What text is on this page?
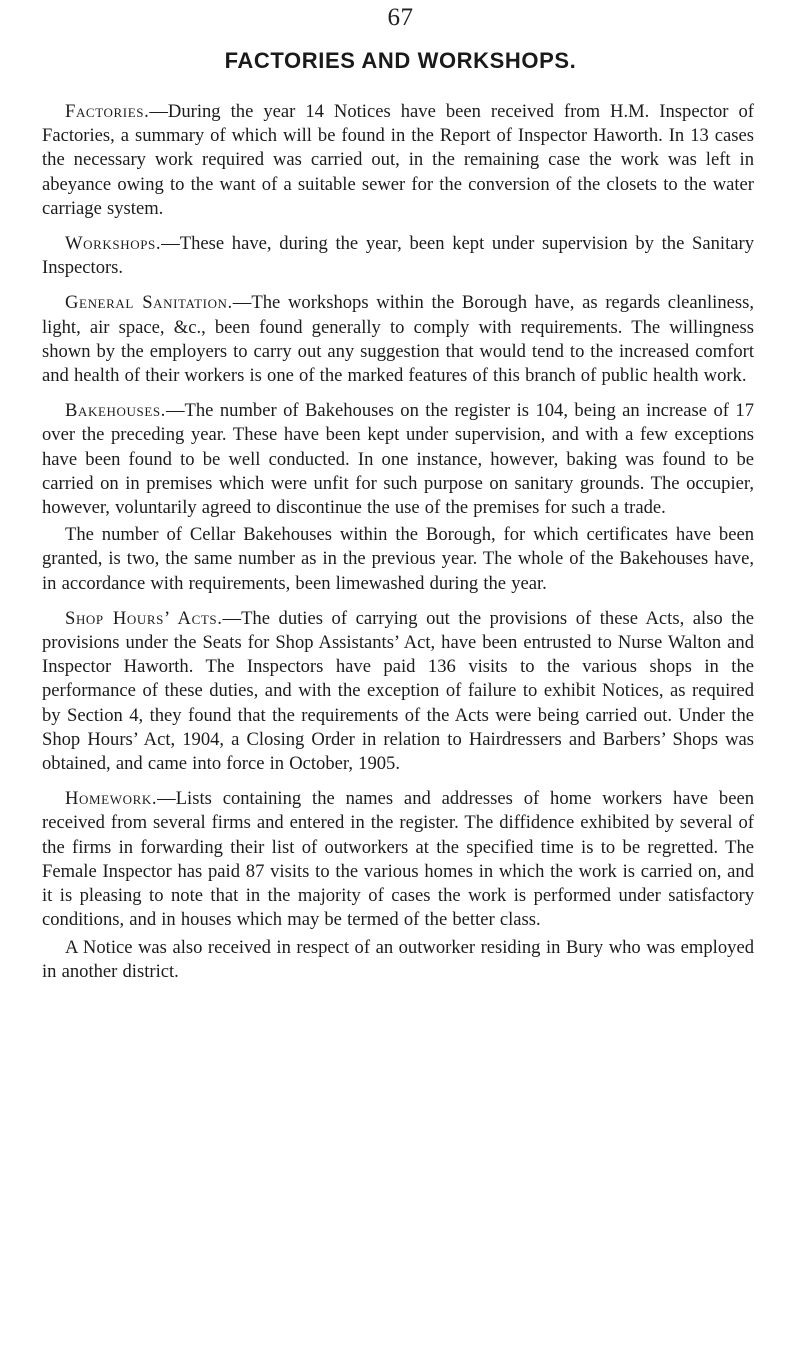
67
FACTORIES AND WORKSHOPS.

Factories.—During the year 14 Notices have been received from H.M. Inspector of Factories, a summary of which will be found in the Report of Inspector Haworth. In 13 cases the necessary work required was carried out, in the remaining case the work was left in abeyance owing to the want of a suitable sewer for the conversion of the closets to the water carriage system.

Workshops.—These have, during the year, been kept under supervision by the Sanitary Inspectors.

General Sanitation.—The workshops within the Borough have, as regards cleanliness, light, air space, &c., been found generally to comply with requirements. The willingness shown by the employers to carry out any suggestion that would tend to the increased comfort and health of their workers is one of the marked features of this branch of public health work.

Bakehouses.—The number of Bakehouses on the register is 104, being an increase of 17 over the preceding year. These have been kept under supervision, and with a few exceptions have been found to be well conducted. In one instance, however, baking was found to be carried on in premises which were unfit for such purpose on sanitary grounds. The occupier, however, voluntarily agreed to discontinue the use of the premises for such a trade.

The number of Cellar Bakehouses within the Borough, for which certificates have been granted, is two, the same number as in the previous year. The whole of the Bakehouses have, in accordance with requirements, been limewashed during the year.

Shop Hours’ Acts.—The duties of carrying out the provisions of these Acts, also the provisions under the Seats for Shop Assistants’ Act, have been entrusted to Nurse Walton and Inspector Haworth. The Inspectors have paid 136 visits to the various shops in the performance of these duties, and with the exception of failure to exhibit Notices, as required by Section 4, they found that the requirements of the Acts were being carried out. Under the Shop Hours’ Act, 1904, a Closing Order in relation to Hairdressers and Barbers’ Shops was obtained, and came into force in October, 1905.

Homework.—Lists containing the names and addresses of home workers have been received from several firms and entered in the register. The diffidence exhibited by several of the firms in forwarding their list of outworkers at the specified time is to be regretted. The Female Inspector has paid 87 visits to the various homes in which the work is carried on, and it is pleasing to note that in the majority of cases the work is performed under satisfactory conditions, and in houses which may be termed of the better class.

A Notice was also received in respect of an outworker residing in Bury who was employed in another district.
